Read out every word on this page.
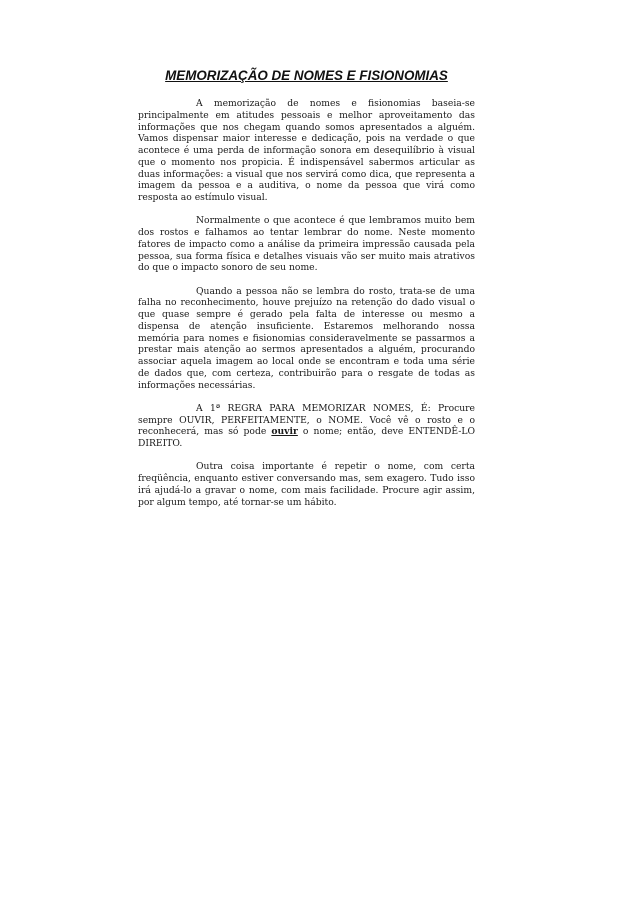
MEMORIZAÇÃO DE NOMES E FISIONOMIAS

A memorização de nomes e fisionomias baseia-se principalmente em atitudes pessoais e melhor aproveitamento das informações que nos chegam quando somos apresentados a alguém. Vamos dispensar maior interesse e dedicação, pois na verdade o que acontece é uma perda de informação sonora em desequilíbrio à visual que o momento nos propicia. É indispensável sabermos articular as duas informações: a visual que nos servirá como dica, que representa a imagem da pessoa e a auditiva, o nome da pessoa que virá como resposta ao estímulo visual.

Normalmente o que acontece é que lembramos muito bem dos rostos e falhamos ao tentar lembrar do nome. Neste momento fatores de impacto como a análise da primeira impressão causada pela pessoa, sua forma física e detalhes visuais vão ser muito mais atrativos do que o impacto sonoro de seu nome.

Quando a pessoa não se lembra do rosto, trata-se de uma falha no reconhecimento, houve prejuízo na retenção do dado visual o que quase sempre é gerado pela falta de interesse ou mesmo a dispensa de atenção insuficiente. Estaremos melhorando nossa memória para nomes e fisionomias consideravelmente se passarmos a prestar mais atenção ao sermos apresentados a alguém, procurando associar aquela imagem ao local onde se encontram e toda uma série de dados que, com certeza, contribuirão para o resgate de todas as informações necessárias.

A 1ª REGRA PARA MEMORIZAR NOMES, É: Procure sempre OUVIR, PERFEITAMENTE, o NOME. Você vê o rosto e o reconhecerá, mas só pode ouvir o nome; então, deve ENTENDÊ-LO DIREITO.

Outra coisa importante é repetir o nome, com certa freqüência, enquanto estiver conversando mas, sem exagero. Tudo isso irá ajudá-lo a gravar o nome, com mais facilidade. Procure agir assim, por algum tempo, até tornar-se um hábito.
